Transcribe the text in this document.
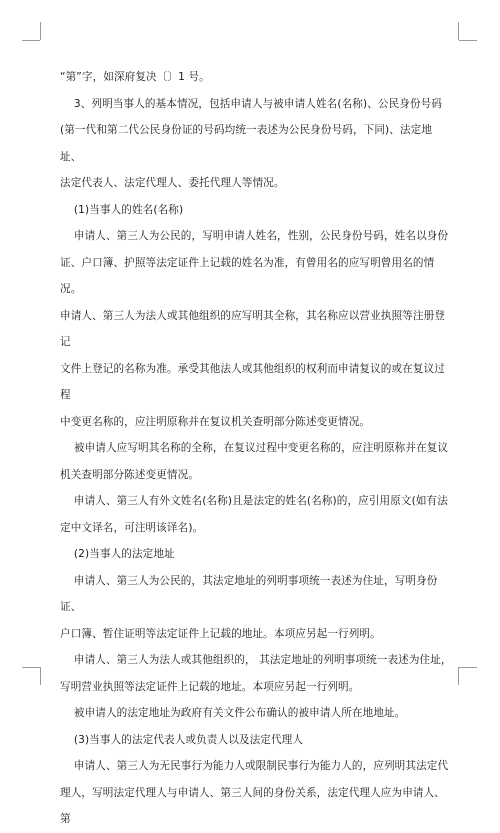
“第”字，如深府复决〔〕1 号。

3、列明当事人的基本情况，包括申请人与被申请人姓名(名称)、公民身份号码

(第一代和第二代公民身份证的号码均统一表述为公民身份号码，下同)、法定地址、

法定代表人、法定代理人、委托代理人等情况。

(1)当事人的姓名(名称)

申请人、第三人为公民的，写明申请人姓名，性别，公民身份号码，姓名以身份

证、户口簿、护照等法定证件上记载的姓名为准，有曾用名的应写明曾用名的情况。

申请人、第三人为法人或其他组织的应写明其全称，其名称应以营业执照等注册登记

文件上登记的名称为准。承受其他法人或其他组织的权利而申请复议的或在复议过程

中变更名称的，应注明原称并在复议机关查明部分陈述变更情况。

被申请人应写明其名称的全称，在复议过程中变更名称的，应注明原称并在复议

机关查明部分陈述变更情况。

申请人、第三人有外文姓名(名称)且是法定的姓名(名称)的，应引用原文(如有法

定中文译名，可注明该译名)。

(2)当事人的法定地址

申请人、第三人为公民的，其法定地址的列明事项统一表述为住址，写明身份证、

户口簿、暂住证明等法定证件上记载的地址。本项应另起一行列明。

申请人、第三人为法人或其他组织的， 其法定地址的列明事项统一表述为住址，

写明营业执照等法定证件上记载的地址。本项应另起一行列明。

被申请人的法定地址为政府有关文件公布确认的被申请人所在地地址。

(3)当事人的法定代表人或负责人以及法定代理人

申请人、第三人为无民事行为能力人或限制民事行为能力人的，应列明其法定代

理人，写明法定代理人与申请人、第三人间的身份关系，法定代理人应为申请人、第
